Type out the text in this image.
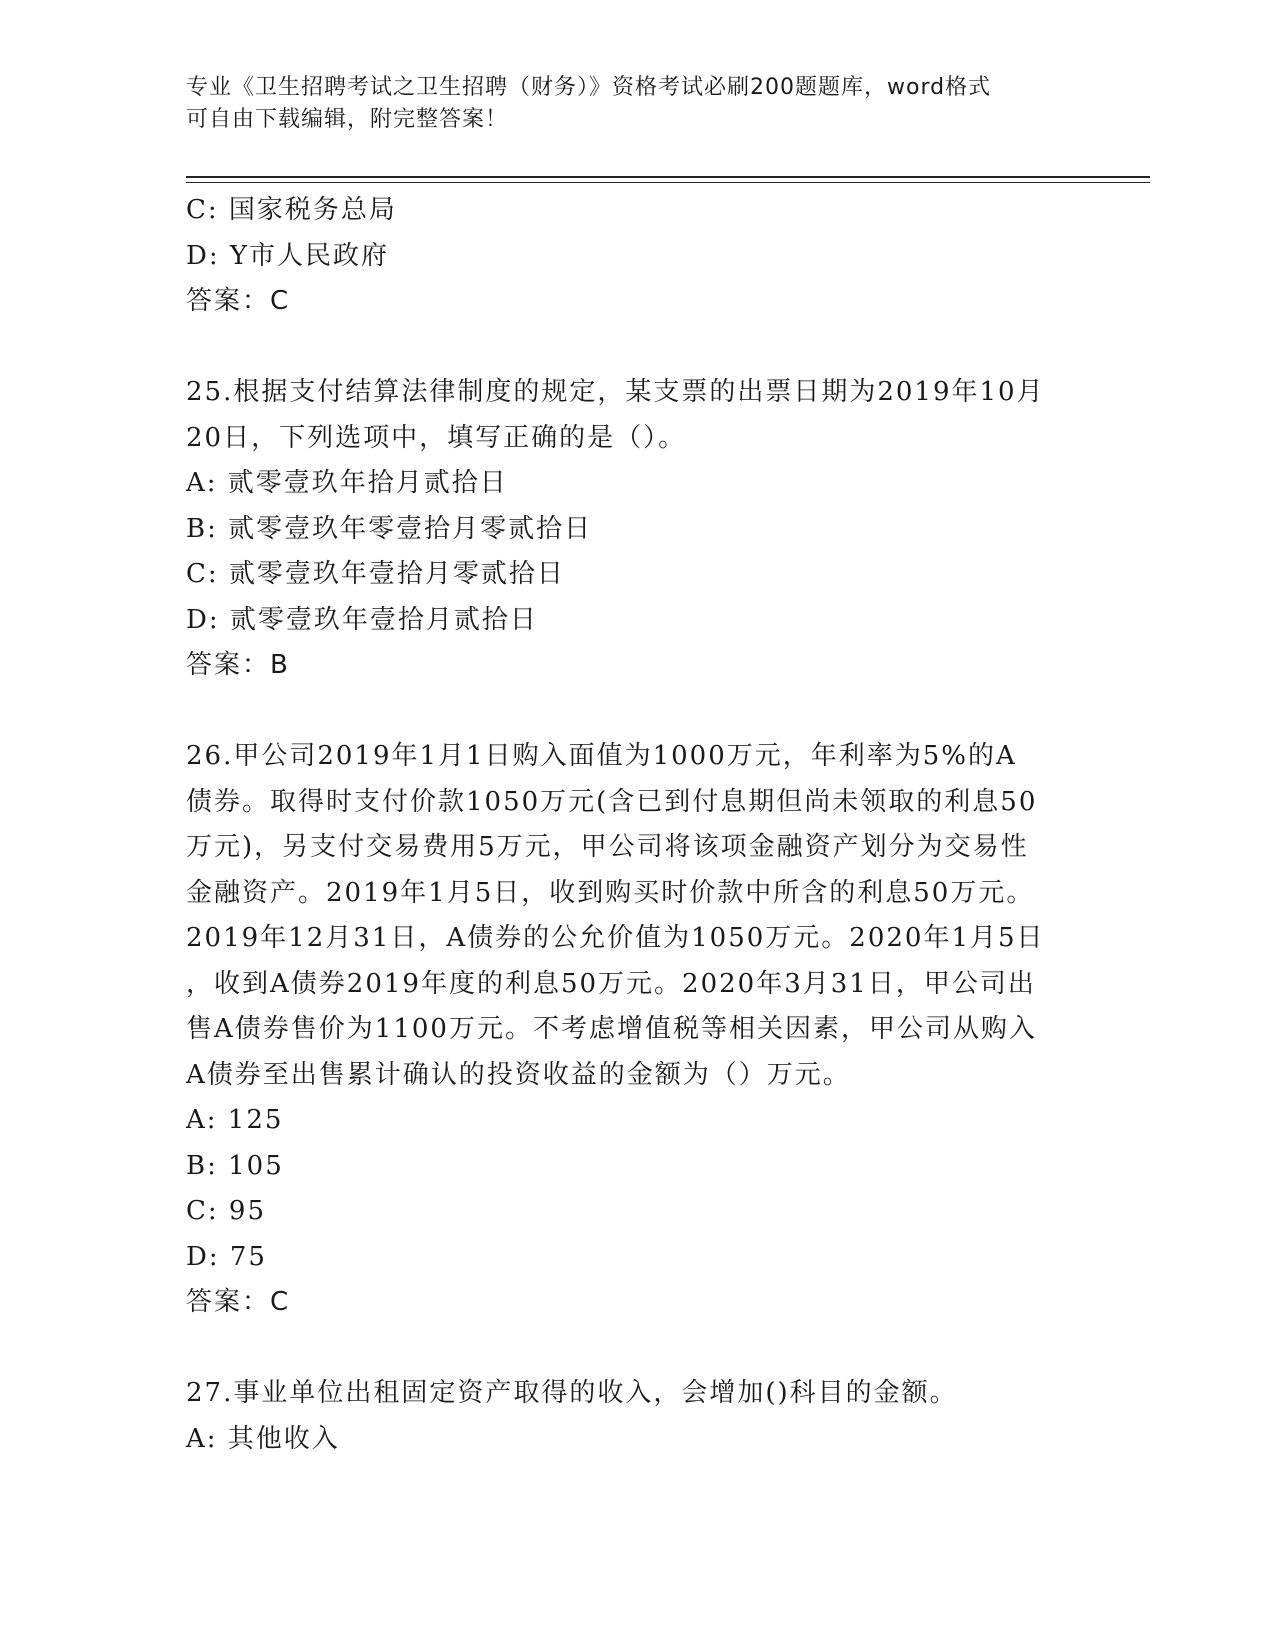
专业《卫生招聘考试之卫生招聘（财务）》资格考试必刷200题题库，word格式
可自由下载编辑，附完整答案！
C: 国家税务总局
D: Y市人民政府
答案：C
25.根据支付结算法律制度的规定，某支票的出票日期为2019年10月
20日，下列选项中，填写正确的是（）。
A: 贰零壹玖年拾月贰拾日
B: 贰零壹玖年零壹拾月零贰拾日
C: 贰零壹玖年壹拾月零贰拾日
D: 贰零壹玖年壹拾月贰拾日
答案：B
26.甲公司2019年1月1日购入面值为1000万元，年利率为5%的A
债券。取得时支付价款1050万元(含已到付息期但尚未领取的利息50
万元)，另支付交易费用5万元，甲公司将该项金融资产划分为交易性
金融资产。2019年1月5日，收到购买时价款中所含的利息50万元。
2019年12月31日，A债券的公允价值为1050万元。2020年1月5日
，收到A债券2019年度的利息50万元。2020年3月31日，甲公司出
售A债券售价为1100万元。不考虑增值税等相关因素，甲公司从购入
A债券至出售累计确认的投资收益的金额为（）万元。
A: 125
B: 105
C: 95
D: 75
答案：C
27.事业单位出租固定资产取得的收入，会增加()科目的金额。
A: 其他收入
